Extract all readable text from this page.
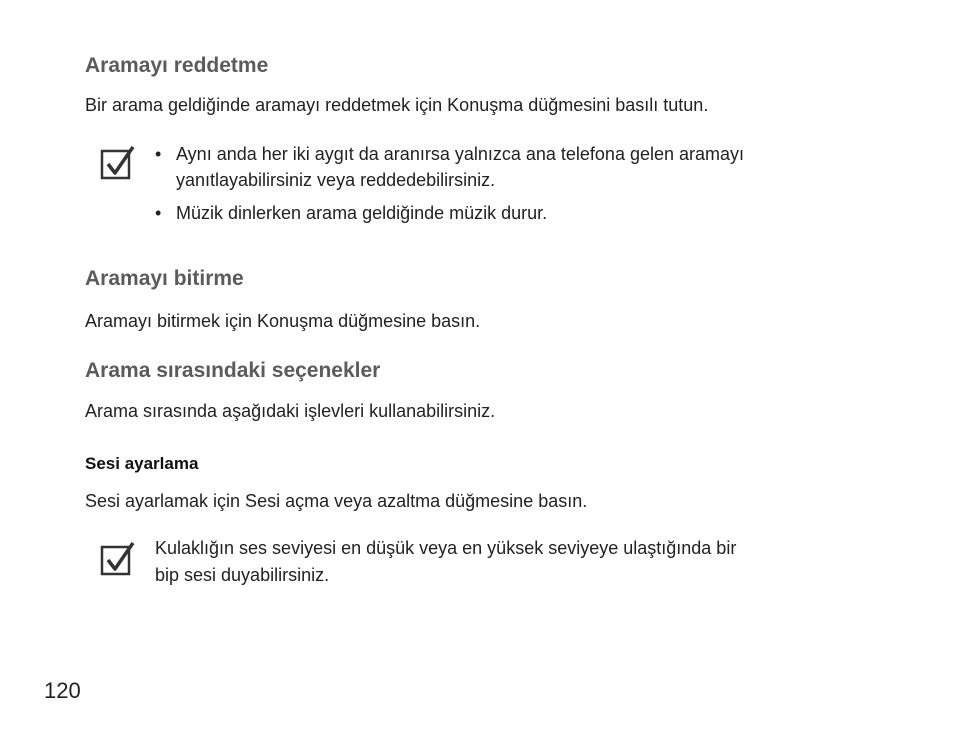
Aramayı reddetme
Bir arama geldiğinde aramayı reddetmek için Konuşma düğmesini basılı tutun.
• Aynı anda her iki aygıt da aranırsa yalnızca ana telefona gelen aramayı
yanıtlayabilirsiniz veya reddedebilirsiniz.
• Müzik dinlerken arama geldiğinde müzik durur.
Aramayı bitirme
Aramayı bitirmek için Konuşma düğmesine basın.
Arama sırasındaki seçenekler
Arama sırasında aşağıdaki işlevleri kullanabilirsiniz.
Sesi ayarlama
Sesi ayarlamak için Sesi açma veya azaltma düğmesine basın.
Kulaklığın ses seviyesi en düşük veya en yüksek seviyeye ulaştığında bir
bip sesi duyabilirsiniz.
120
